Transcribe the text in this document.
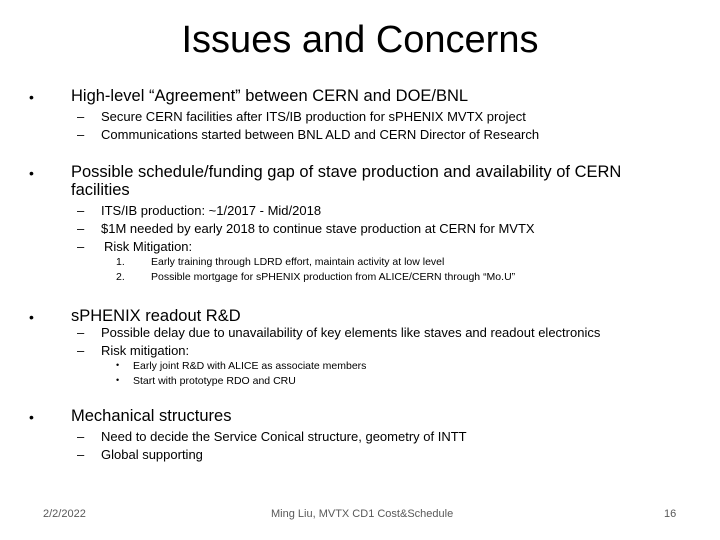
Issues and Concerns
• High-level “Agreement” between CERN and DOE/BNL
– Secure CERN facilities after ITS/IB production for sPHENIX MVTX project
– Communications started between BNL ALD and CERN Director of Research
• Possible schedule/funding gap of stave production and availability of CERN
facilities
– ITS/IB production: ~1/2017 - Mid/2018
– $1M needed by early 2018 to continue stave production at CERN for MVTX
– Risk Mitigation:
1. Early training through LDRD effort, maintain activity at low level
2. Possible mortgage for sPHENIX production from ALICE/CERN through “Mo.U”
• sPHENIX readout R&D
– Possible delay due to unavailability of key elements like staves and readout electronics
– Risk mitigation:
• Early joint R&D with ALICE as associate members
• Start with prototype RDO and CRU
• Mechanical structures
– Need to decide the Service Conical structure, geometry of INTT
– Global supporting
2/2/2022	Ming Liu, MVTX CD1 Cost&Schedule	16
